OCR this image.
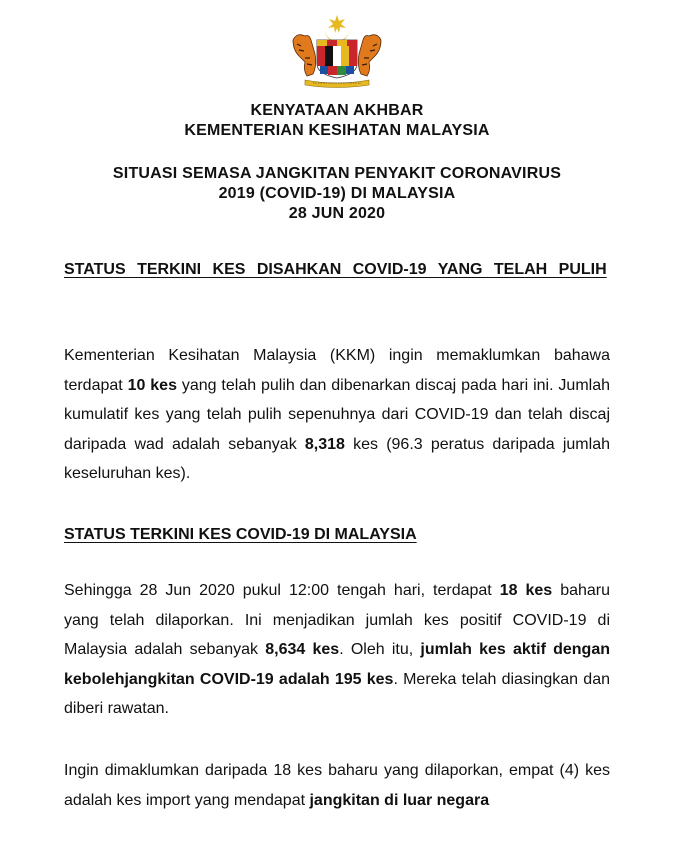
KENYATAAN AKHBAR
KEMENTERIAN KESIHATAN MALAYSIA
SITUASI SEMASA JANGKITAN PENYAKIT CORONAVIRUS
2019 (COVID-19) DI MALAYSIA
28 JUN 2020
STATUS TERKINI KES DISAHKAN COVID-19 YANG TELAH PULIH
Kementerian Kesihatan Malaysia (KKM) ingin memaklumkan bahawa terdapat 10 kes yang telah pulih dan dibenarkan discaj pada hari ini. Jumlah kumulatif kes yang telah pulih sepenuhnya dari COVID-19 dan telah discaj daripada wad adalah sebanyak 8,318 kes (96.3 peratus daripada jumlah keseluruhan kes).
STATUS TERKINI KES COVID-19 DI MALAYSIA
Sehingga 28 Jun 2020 pukul 12:00 tengah hari, terdapat 18 kes baharu yang telah dilaporkan. Ini menjadikan jumlah kes positif COVID-19 di Malaysia adalah sebanyak 8,634 kes. Oleh itu, jumlah kes aktif dengan kebolehjangkitan COVID-19 adalah 195 kes. Mereka telah diasingkan dan diberi rawatan.
Ingin dimaklumkan daripada 18 kes baharu yang dilaporkan, empat (4) kes adalah kes import yang mendapat jangkitan di luar negara
